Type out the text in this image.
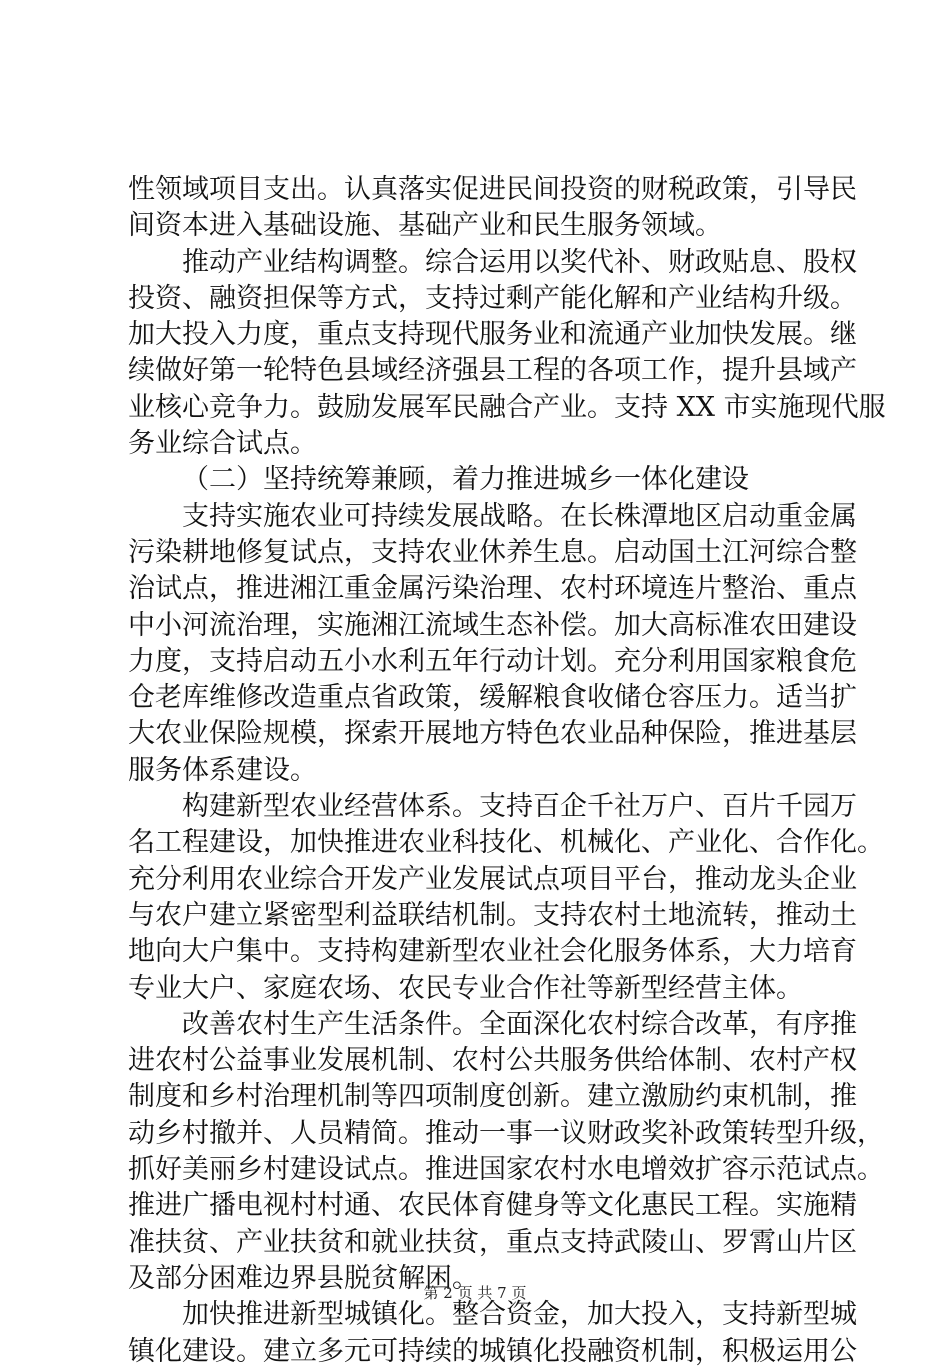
性领域项目支出。认真落实促进民间投资的财税政策，引导民
间资本进入基础设施、基础产业和民生服务领域。
推动产业结构调整。综合运用以奖代补、财政贴息、股权
投资、融资担保等方式，支持过剩产能化解和产业结构升级。
加大投入力度，重点支持现代服务业和流通产业加快发展。继
续做好第一轮特色县域经济强县工程的各项工作，提升县域产
业核心竞争力。鼓励发展军民融合产业。支持 XX 市实施现代服
务业综合试点。
（二）坚持统筹兼顾，着力推进城乡一体化建设
支持实施农业可持续发展战略。在长株潭地区启动重金属
污染耕地修复试点，支持农业休养生息。启动国土江河综合整
治试点，推进湘江重金属污染治理、农村环境连片整治、重点
中小河流治理，实施湘江流域生态补偿。加大高标准农田建设
力度，支持启动五小水利五年行动计划。充分利用国家粮食危
仓老库维修改造重点省政策，缓解粮食收储仓容压力。适当扩
大农业保险规模，探索开展地方特色农业品种保险，推进基层
服务体系建设。
构建新型农业经营体系。支持百企千社万户、百片千园万
名工程建设，加快推进农业科技化、机械化、产业化、合作化。
充分利用农业综合开发产业发展试点项目平台，推动龙头企业
与农户建立紧密型利益联结机制。支持农村土地流转，推动土
地向大户集中。支持构建新型农业社会化服务体系，大力培育
专业大户、家庭农场、农民专业合作社等新型经营主体。
改善农村生产生活条件。全面深化农村综合改革，有序推
进农村公益事业发展机制、农村公共服务供给体制、农村产权
制度和乡村治理机制等四项制度创新。建立激励约束机制，推
动乡村撤并、人员精简。推动一事一议财政奖补政策转型升级，
抓好美丽乡村建设试点。推进国家农村水电增效扩容示范试点。
推进广播电视村村通、农民体育健身等文化惠民工程。实施精
准扶贫、产业扶贫和就业扶贫，重点支持武陵山、罗霄山片区
及部分困难边界县脱贫解困。
加快推进新型城镇化。整合资金，加大投入，支持新型城
镇化建设。建立多元可持续的城镇化投融资机制，积极运用公
第 2 页 共 7 页
